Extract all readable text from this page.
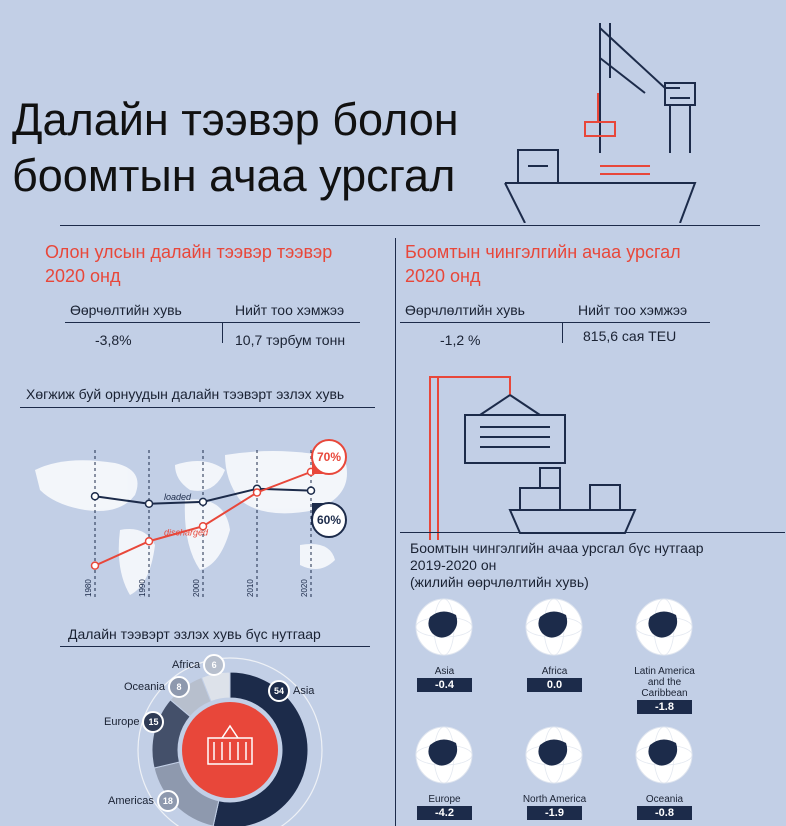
Далайн тээвэр болон
боомтын ачаа урсгал
Олон улсын далайн тээвэр тээвэр
2020 онд
Өөрчөлтийн хувь	Нийт тоо хэмжээ
-3,8%	10,7 тэрбум тонн
Хөгжиж буй орнуудын далайн тээвэрт эзлэх хувь
1980	1990	2000	2010	2020
loaded
discharged
70%
60%
Далайн тээвэрт эзлэх хувь бүс нутгаар
Боомтын чингэлгийн ачаа урсгал
2020 онд
Өөрчлөлтийн хувь	Нийт тоо хэмжээ
-1,2 %	815,6 сая TEU
Боомтын чингэлгийн ачаа урсгал бүс нутгаар
2019-2020 он
(жилийн өөрчлөлтийн хувь)
Asia
-0.4
Africa
0.0
Latin America
and the Caribbean
-1.8
Europe
-4.2
North America
-1.9
Oceania
-0.8
54 Asia
Americas 18
Europe 15
Oceania	8
Africa	6
